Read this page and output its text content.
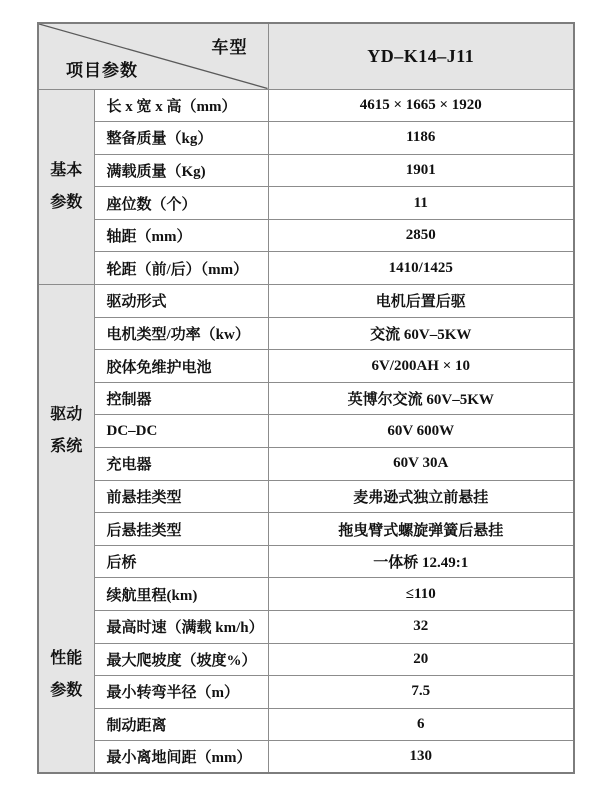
车型
项目参数		YD–K14–J11
基本参数	长 x 宽 x 高（mm）	4615 × 1665 × 1920
	整备质量（kg）	1186
	满载质量（Kg)	1901
	座位数（个）	11
	轴距（mm）	2850
	轮距（前/后）（mm）	1410/1425
驱动系统	驱动形式	电机后置后驱
	电机类型/功率（kw）	交流 60V–5KW
	胶体免维护电池	6V/200AH × 10
	控制器	英博尔交流 60V–5KW
	DC–DC	60V 600W
	充电器	60V 30A
	前悬挂类型	麦弗逊式独立前悬挂
	后悬挂类型	拖曳臂式螺旋弹簧后悬挂
	后桥	一体桥 12.49:1
性能参数	续航里程(km)	≤110
	最高时速（满载 km/h）	32
	最大爬坡度（坡度%）	20
	最小转弯半径（m）	7.5
	制动距离	6
	最小离地间距（mm）	130
